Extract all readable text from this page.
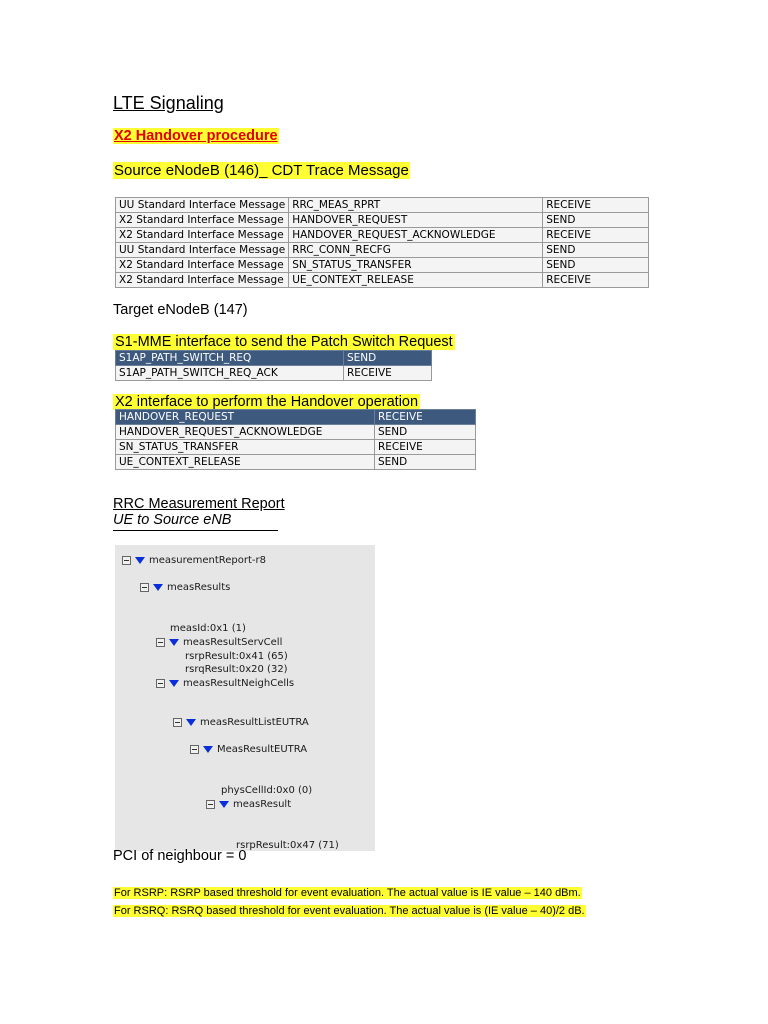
LTE Signaling
X2 Handover procedure
Source eNodeB (146)_ CDT Trace Message
UU Standard Interface Message	RRC_MEAS_RPRT	RECEIVE
X2 Standard Interface Message	HANDOVER_REQUEST	SEND
X2 Standard Interface Message	HANDOVER_REQUEST_ACKNOWLEDGE	RECEIVE
UU Standard Interface Message	RRC_CONN_RECFG	SEND
X2 Standard Interface Message	SN_STATUS_TRANSFER	SEND
X2 Standard Interface Message	UE_CONTEXT_RELEASE	RECEIVE
Target eNodeB (147)
S1-MME interface to send the Patch Switch Request
S1AP_PATH_SWITCH_REQ	SEND
S1AP_PATH_SWITCH_REQ_ACK	RECEIVE
X2 interface to perform the Handover operation
HANDOVER_REQUEST	RECEIVE
HANDOVER_REQUEST_ACKNOWLEDGE	SEND
SN_STATUS_TRANSFER	RECEIVE
UE_CONTEXT_RELEASE	SEND
RRC Measurement Report
UE to Source eNB
measurementReport-r8
measResults
measId:0x1 (1)
measResultServCell
rsrpResult:0x41 (65)
rsrqResult:0x20 (32)
measResultNeighCells
measResultListEUTRA
MeasResultEUTRA
physCellId:0x0 (0)
measResult
rsrpResult:0x47 (71)
PCI of neighbour = 0
For RSRP: RSRP based threshold for event evaluation. The actual value is IE value – 140 dBm.
For RSRQ: RSRQ based threshold for event evaluation. The actual value is (IE value – 40)/2 dB.
